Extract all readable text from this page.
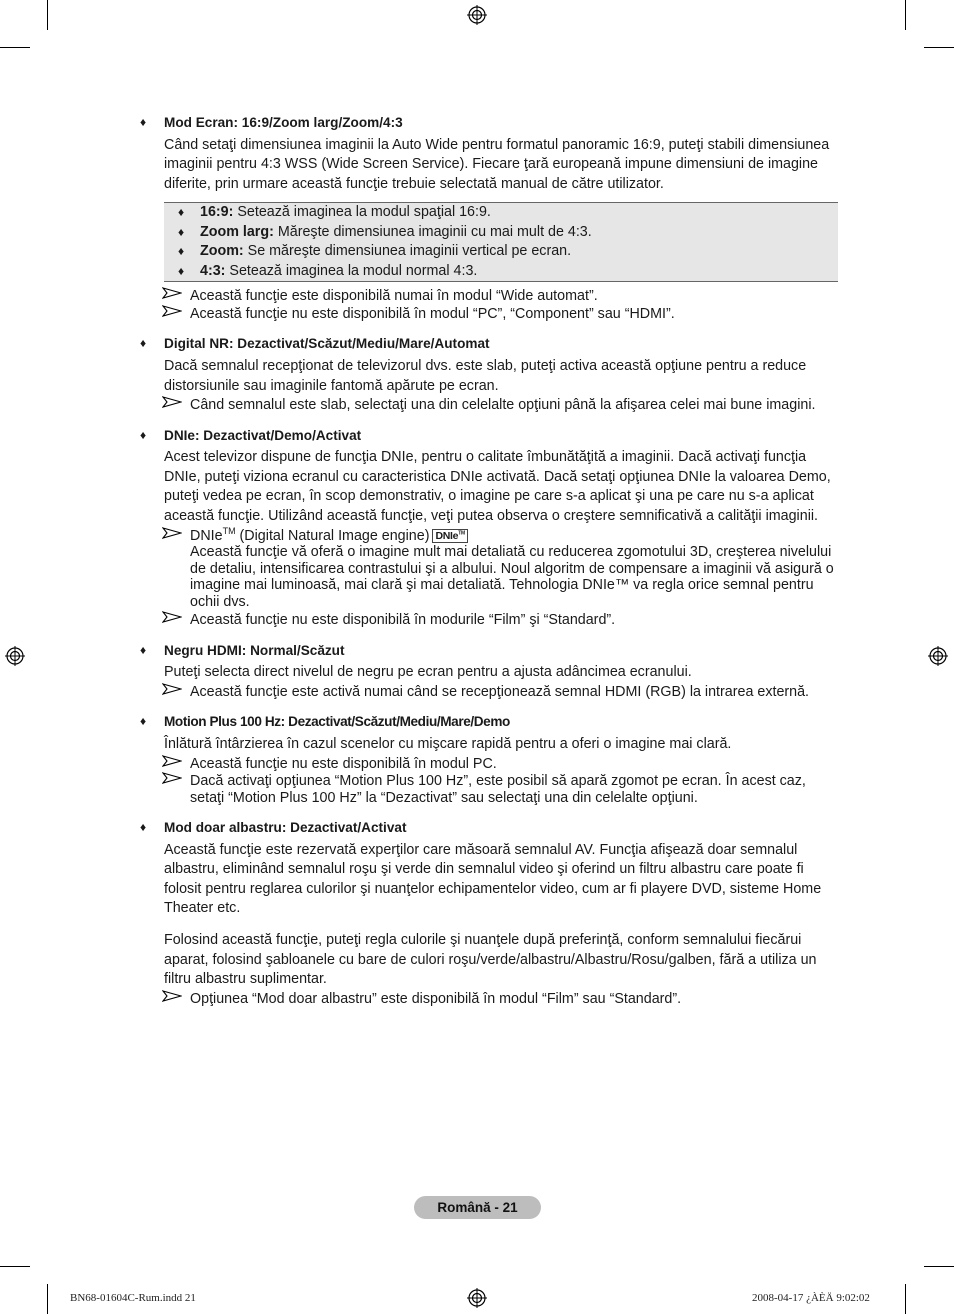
♦ Mod Ecran: 16:9/Zoom larg/Zoom/4:3
Când setaţi dimensiunea imaginii la Auto Wide pentru formatul panoramic 16:9, puteţi stabili dimensiunea imaginii pentru 4:3 WSS (Wide Screen Service). Fiecare ţară europeană impune dimensiuni de imagine diferite, prin urmare această funcţie trebuie selectată manual de către utilizator.
♦ 16:9: Setează imaginea la modul spaţial 16:9.
♦ Zoom larg: Măreşte dimensiunea imaginii cu mai mult de 4:3.
♦ Zoom: Se măreşte dimensiunea imaginii vertical pe ecran.
♦ 4:3: Setează imaginea la modul normal 4:3.
Această funcţie este disponibilă numai în modul “Wide automat”.
Această funcţie nu este disponibilă în modul “PC”, “Component” sau “HDMI”.
♦ Digital NR: Dezactivat/Scăzut/Mediu/Mare/Automat
Dacă semnalul recepţionat de televizorul dvs. este slab, puteţi activa această opţiune pentru a reduce distorsiunile sau imaginile fantomă apărute pe ecran.
Când semnalul este slab, selectaţi una din celelalte opţiuni până la afişarea celei mai bune imagini.
♦ DNIe: Dezactivat/Demo/Activat
Acest televizor dispune de funcţia DNIe, pentru o calitate îmbunătăţită a imaginii. Dacă activaţi funcţia DNIe, puteţi viziona ecranul cu caracteristica DNIe activată. Dacă setaţi opţiunea DNIe la valoarea Demo, puteţi vedea pe ecran, în scop demonstrativ, o imagine pe care s-a aplicat şi una pe care nu s-a aplicat această funcţie. Utilizând această funcţie, veţi putea observa o creştere semnificativă a calităţii imaginii.
DNIe™ (Digital Natural Image engine) DNIe™
Această funcţie vă oferă o imagine mult mai detaliată cu reducerea zgomotului 3D, creşterea nivelului de detaliu, intensificarea contrastului şi a albului. Noul algoritm de compensare a imaginii vă asigură o imagine mai luminoasă, mai clară şi mai detaliată. Tehnologia DNIe™ va regla orice semnal pentru ochii dvs.
Această funcţie nu este disponibilă în modurile “Film” şi “Standard”.
♦ Negru HDMI: Normal/Scăzut
Puteţi selecta direct nivelul de negru pe ecran pentru a ajusta adâncimea ecranului.
Această funcţie este activă numai când se recepţionează semnal HDMI (RGB) la intrarea externă.
♦ Motion Plus 100 Hz: Dezactivat/Scăzut/Mediu/Mare/Demo
Înlătură întârzierea în cazul scenelor cu mişcare rapidă pentru a oferi o imagine mai clară.
Această funcţie nu este disponibilă în modul PC.
Dacă activaţi opţiunea “Motion Plus 100 Hz”, este posibil să apară zgomot pe ecran. În acest caz, setaţi “Motion Plus 100 Hz” la “Dezactivat” sau selectaţi una din celelalte opţiuni.
♦ Mod doar albastru: Dezactivat/Activat
Această funcţie este rezervată experţilor care măsoară semnalul AV. Funcţia afişează doar semnalul albastru, eliminând semnalul roşu şi verde din semnalul video şi oferind un filtru albastru care poate fi folosit pentru reglarea culorilor şi nuanţelor echipamentelor video, cum ar fi playere DVD, sisteme Home Theater etc.
Folosind această funcţie, puteţi regla culorile şi nuanţele după preferinţă, conform semnalului fiecărui aparat, folosind şabloanele cu bare de culori roşu/verde/albastru/Albastru/Rosu/galben, fără a utiliza un filtru albastru suplimentar.
Opţiunea “Mod doar albastru” este disponibilă în modul “Film” sau “Standard”.
Română - 21
BN68-01604C-Rum.indd 21	2008-04-17 ¿ÀÈÄ 9:02:02
